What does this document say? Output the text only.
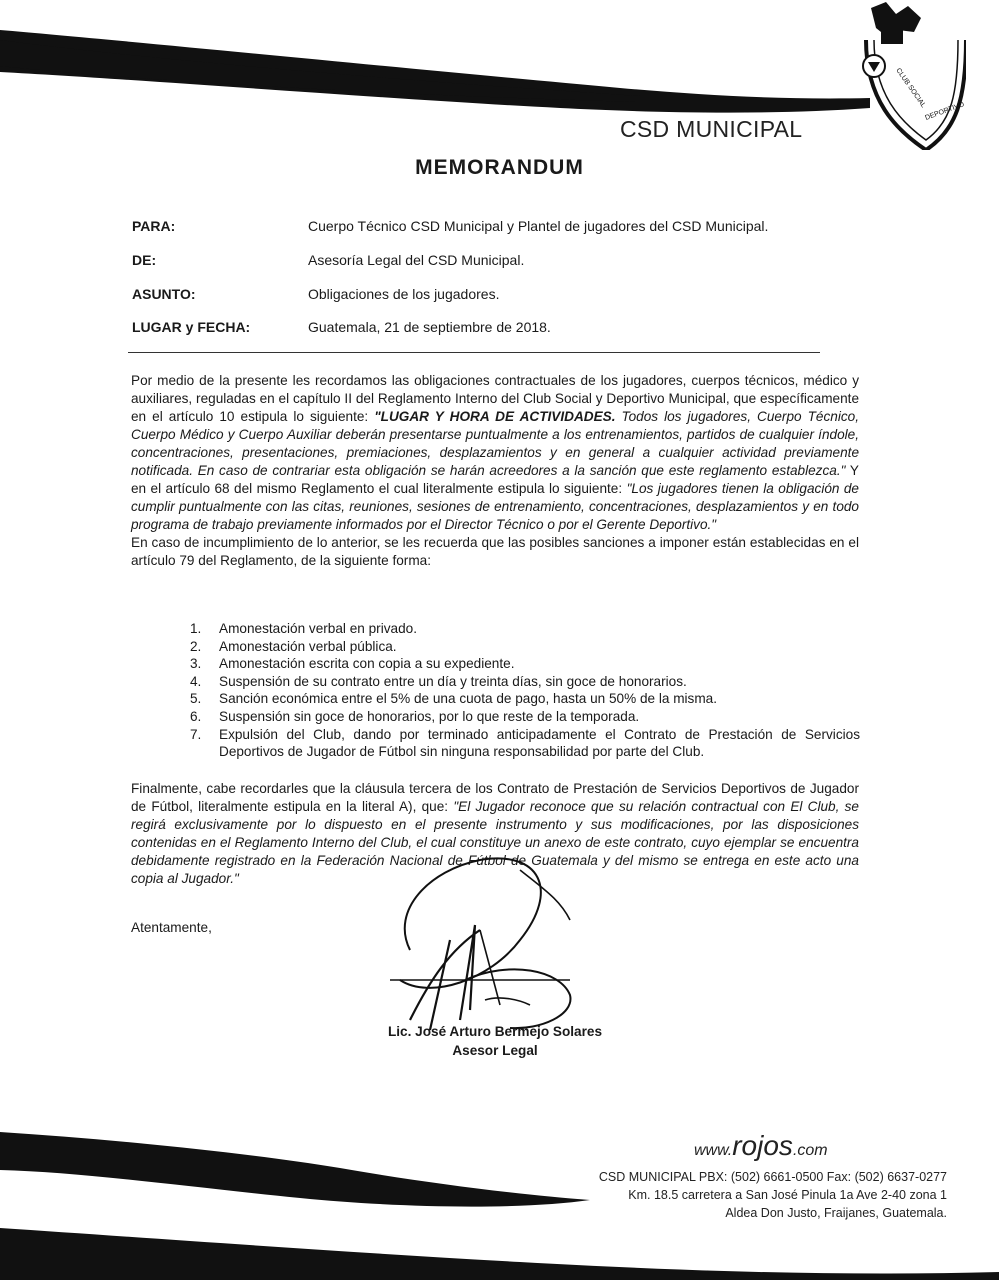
CLUB SOCIAL
DEPORTIVO
CSD MUNICIPAL
MEMORANDUM
PARA:	Cuerpo Técnico CSD Municipal y Plantel de jugadores del CSD Municipal.
DE:	Asesoría Legal del CSD Municipal.
ASUNTO:	Obligaciones de los jugadores.
LUGAR y FECHA:	Guatemala, 21 de septiembre de 2018.

Por medio de la presente les recordamos las obligaciones contractuales de los jugadores, cuerpos técnicos, médico y auxiliares, reguladas en el capítulo II del Reglamento Interno del Club Social y Deportivo Municipal, que específicamente en el artículo 10 estipula lo siguiente: "LUGAR Y HORA DE ACTIVIDADES. Todos los jugadores, Cuerpo Técnico, Cuerpo Médico y Cuerpo Auxiliar deberán presentarse puntualmente a los entrenamientos, partidos de cualquier índole, concentraciones, presentaciones, premiaciones, desplazamientos y en general a cualquier actividad previamente notificada. En caso de contrariar esta obligación se harán acreedores a la sanción que este reglamento establezca." Y en el artículo 68 del mismo Reglamento el cual literalmente estipula lo siguiente: "Los jugadores tienen la obligación de cumplir puntualmente con las citas, reuniones, sesiones de entrenamiento, concentraciones, desplazamientos y en todo programa de trabajo previamente informados por el Director Técnico o por el Gerente Deportivo."

En caso de incumplimiento de lo anterior, se les recuerda que las posibles sanciones a imponer están establecidas en el artículo 79 del Reglamento, de la siguiente forma:

1. Amonestación verbal en privado.
2. Amonestación verbal pública.
3. Amonestación escrita con copia a su expediente.
4. Suspensión de su contrato entre un día y treinta días, sin goce de honorarios.
5. Sanción económica entre el 5% de una cuota de pago, hasta un 50% de la misma.
6. Suspensión sin goce de honorarios, por lo que reste de la temporada.
7. Expulsión del Club, dando por terminado anticipadamente el Contrato de Prestación de Servicios Deportivos de Jugador de Fútbol sin ninguna responsabilidad por parte del Club.

Finalmente, cabe recordarles que la cláusula tercera de los Contrato de Prestación de Servicios Deportivos de Jugador de Fútbol, literalmente estipula en la literal A), que: "El Jugador reconoce que su relación contractual con El Club, se regirá exclusivamente por lo dispuesto en el presente instrumento y sus modificaciones, por las disposiciones contenidas en el Reglamento Interno del Club, el cual constituye un anexo de este contrato, cuyo ejemplar se encuentra debidamente registrado en la Federación Nacional de Fútbol de Guatemala y del mismo se entrega en este acto una copia al Jugador."

Atentamente,
Lic. José Arturo Bermejo Solares
Asesor Legal
www.rojos.com
CSD MUNICIPAL PBX: (502) 6661-0500 Fax: (502) 6637-0277
Km. 18.5 carretera a San José Pinula 1a Ave 2-40 zona 1
Aldea Don Justo, Fraijanes, Guatemala.
